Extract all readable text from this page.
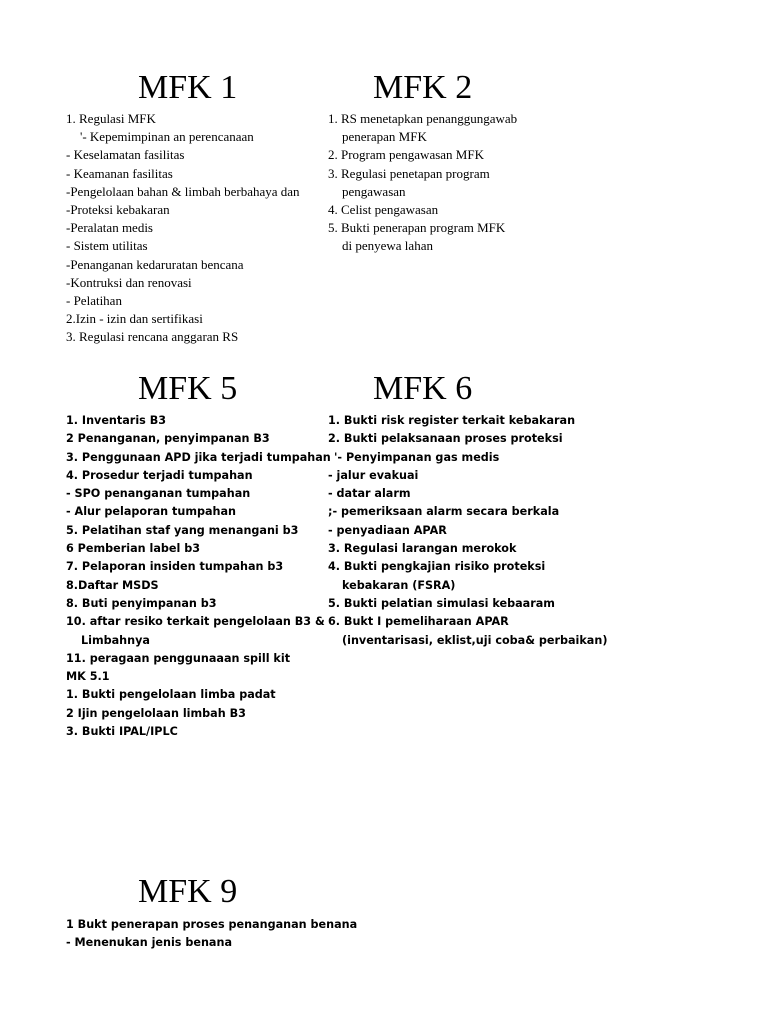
MFK 1
1. Regulasi MFK
'- Kepemimpinan an perencanaan
- Keselamatan fasilitas
- Keamanan fasilitas
-Pengelolaan bahan & limbah berbahaya dan
-Proteksi kebakaran
-Peralatan medis
- Sistem utilitas
-Penanganan kedaruratan bencana
-Kontruksi dan renovasi
- Pelatihan
2.Izin - izin dan sertifikasi
3. Regulasi rencana anggaran RS
MFK 2
1. RS menetapkan penanggungawab
penerapan MFK
2. Program pengawasan MFK
3. Regulasi penetapan program
pengawasan
4. Celist pengawasan
5. Bukti penerapan program MFK
di penyewa lahan
MFK 5
1. Inventaris B3
2 Penanganan, penyimpanan B3
3. Penggunaan APD jika terjadi tumpahan
4. Prosedur terjadi tumpahan
- SPO penanganan tumpahan
- Alur pelaporan tumpahan
5. Pelatihan staf yang menangani b3
6 Pemberian label b3
7. Pelaporan insiden tumpahan b3
8.Daftar MSDS
8. Buti penyimpanan b3
10. aftar resiko terkait pengelolaan B3 &
Limbahnya
11. peragaan penggunaaan spill kit
MK 5.1
1. Bukti pengelolaan limba padat
2 Ijin pengelolaan limbah B3
3. Bukti IPAL/IPLC
MFK 6
1. Bukti risk register terkait kebakaran
2. Bukti pelaksanaan proses proteksi
'- Penyimpanan gas medis
- jalur evakuai
- datar alarm
;- pemeriksaan alarm secara berkala
- penyadiaan APAR
3. Regulasi larangan merokok
4. Bukti pengkajian risiko proteksi
kebakaran (FSRA)
5. Bukti pelatian simulasi kebaaram
6. Bukt I pemeliharaan APAR
(inventarisasi, eklist,uji coba& perbaikan)
MFK 9
1 Bukt penerapan proses penanganan benana
- Menenukan jenis benana
